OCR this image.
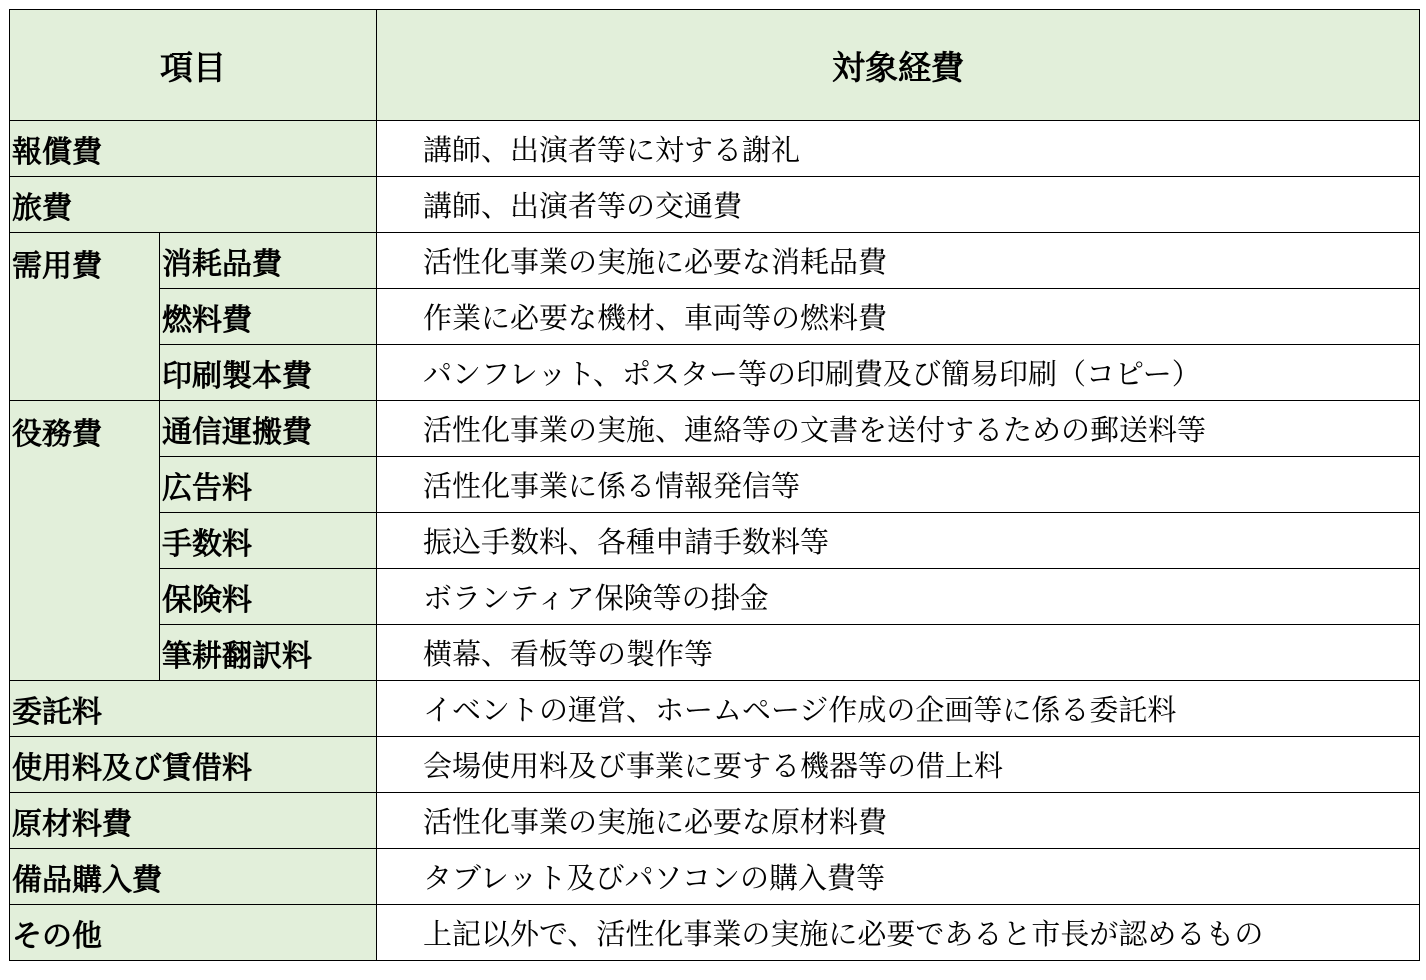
項目		対象経費
報償費		講師、出演者等に対する謝礼
旅費		講師、出演者等の交通費
需用費	消耗品費	活性化事業の実施に必要な消耗品費
	燃料費	作業に必要な機材、車両等の燃料費
	印刷製本費	パンフレット、ポスター等の印刷費及び簡易印刷（コピー）
役務費	通信運搬費	活性化事業の実施、連絡等の文書を送付するための郵送料等
	広告料	活性化事業に係る情報発信等
	手数料	振込手数料、各種申請手数料等
	保険料	ボランティア保険等の掛金
	筆耕翻訳料	横幕、看板等の製作等
委託料		イベントの運営、ホームページ作成の企画等に係る委託料
使用料及び賃借料		会場使用料及び事業に要する機器等の借上料
原材料費		活性化事業の実施に必要な原材料費
備品購入費		タブレット及びパソコンの購入費等
その他		上記以外で、活性化事業の実施に必要であると市長が認めるもの
